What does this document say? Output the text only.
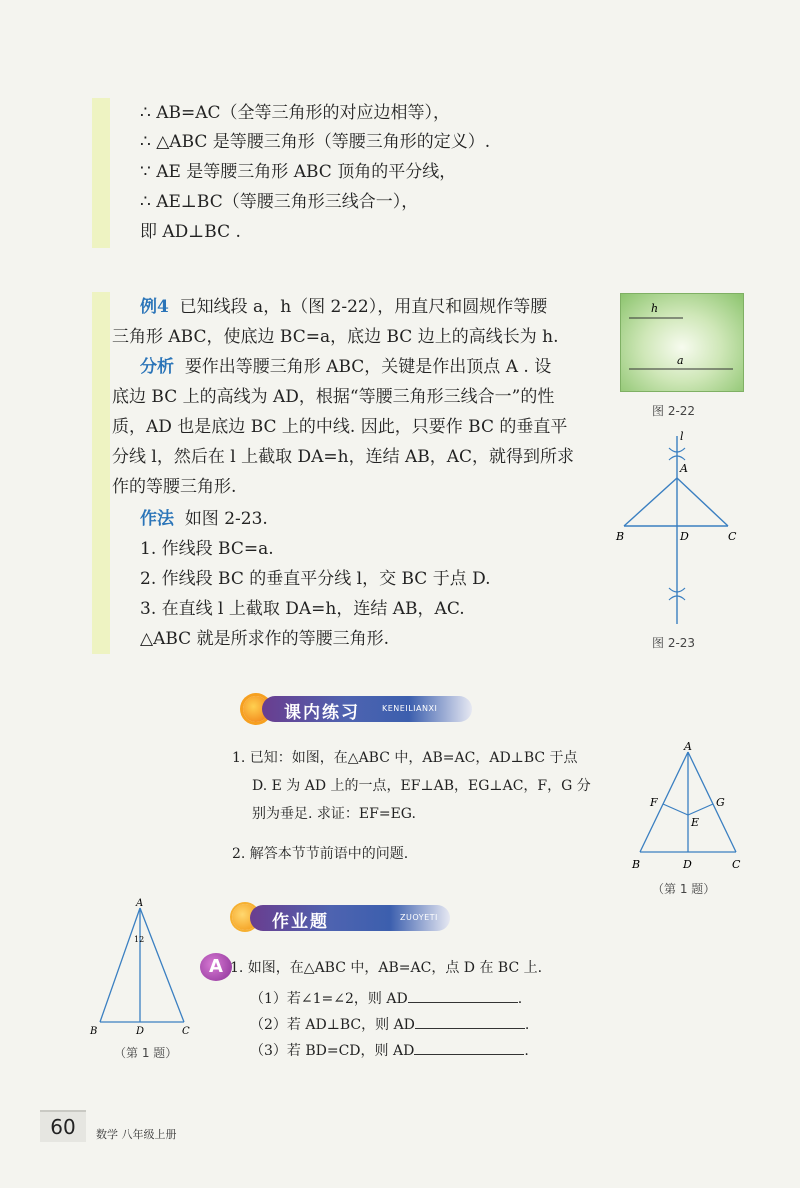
∴ AB=AC（全等三角形的对应边相等），
∴ △ABC 是等腰三角形（等腰三角形的定义）.
∵ AE 是等腰三角形 ABC 顶角的平分线，
∴ AE⊥BC（等腰三角形三线合一），
即 AD⊥BC .
例4 已知线段 a，h（图 2-22），用直尺和圆规作等腰
三角形 ABC，使底边 BC=a，底边 BC 边上的高线长为 h.
分析 要作出等腰三角形 ABC，关键是作出顶点 A . 设
底边 BC 上的高线为 AD，根据“等腰三角形三线合一”的性
质，AD 也是底边 BC 上的中线. 因此，只要作 BC 的垂直平
分线 l，然后在 l 上截取 DA=h，连结 AB，AC，就得到所求
作的等腰三角形.
作法 如图 2-23.
1. 作线段 BC=a.
2. 作线段 BC 的垂直平分线 l，交 BC 于点 D.
3. 在直线 l 上截取 DA=h，连结 AB，AC.
△ABC 就是所求作的等腰三角形.
h
a
图 2-22
l
A
B	D	C
图 2-23
课内练习	KENEILIANXI
1. 已知：如图，在△ABC 中，AB=AC，AD⊥BC 于点
D. E 为 AD 上的一点，EF⊥AB，EG⊥AC，F，G 分
别为垂足. 求证：EF=EG.
2. 解答本节节前语中的问题.
A
F	G
E
B	D	C
（第 1 题）
作业题	ZUOYETI
A
12
B	D	C
（第 1 题）
A 1. 如图，在△ABC 中，AB=AC，点 D 在 BC 上.
（1）若∠1=∠2，则 AD	.
（2）若 AD⊥BC，则 AD	.
（3）若 BD=CD，则 AD	.
60	数学 八年级上册
